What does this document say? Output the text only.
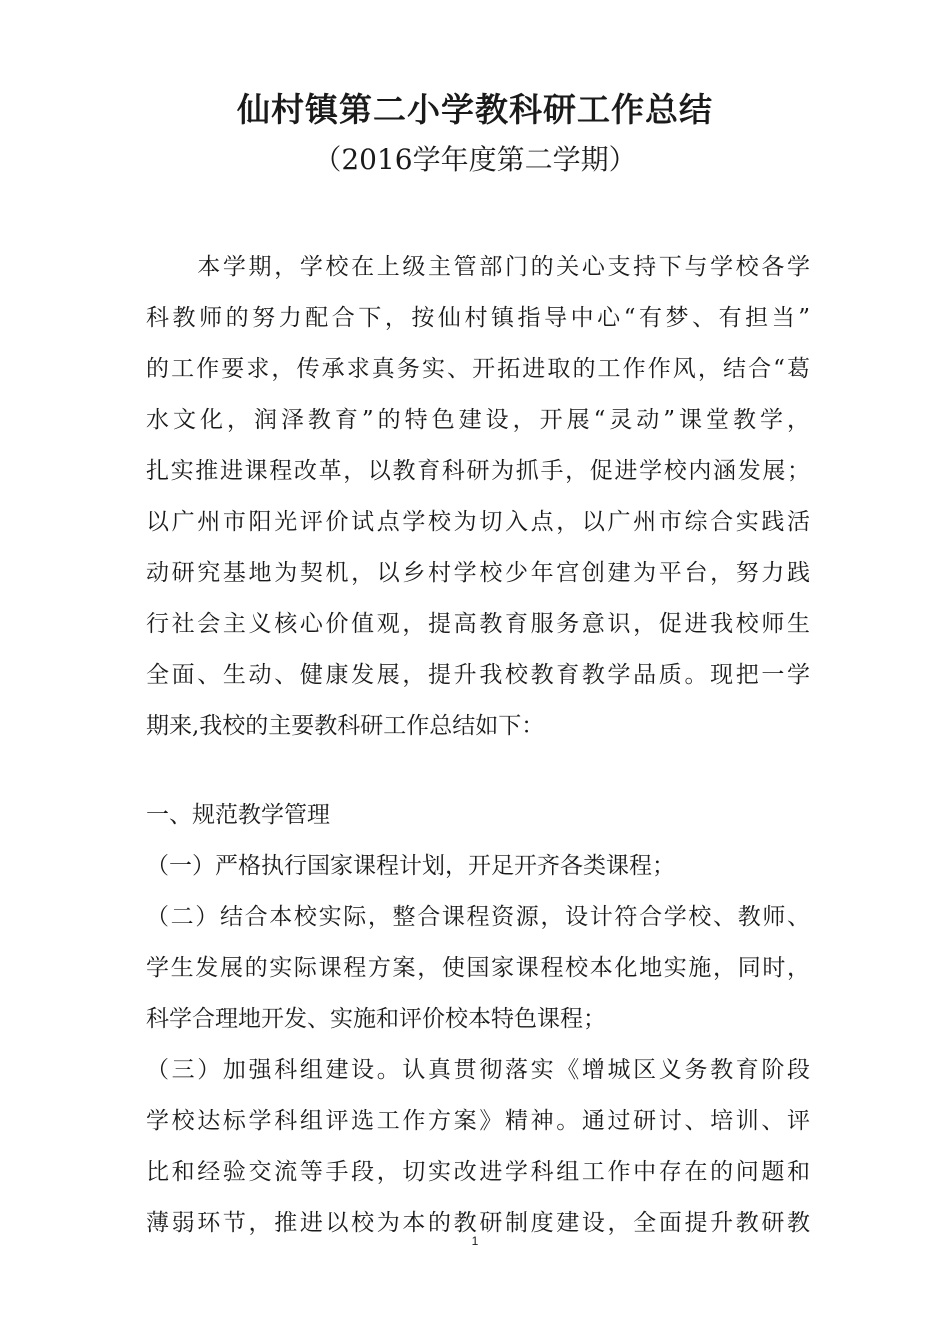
仙村镇第二小学教科研工作总结
（2016学年度第二学期）
　　本学期，学校在上级主管部门的关心支持下与学校各学
科教师的努力配合下，按仙村镇指导中心“有梦、有担当”
的工作要求，传承求真务实、开拓进取的工作作风，结合“葛
水文化，润泽教育”的特色建设，开展“灵动”课堂教学，
扎实推进课程改革，以教育科研为抓手，促进学校内涵发展；
以广州市阳光评价试点学校为切入点，以广州市综合实践活
动研究基地为契机，以乡村学校少年宫创建为平台，努力践
行社会主义核心价值观，提高教育服务意识，促进我校师生
全面、生动、健康发展，提升我校教育教学品质。现把一学
期来,我校的主要教科研工作总结如下：
一、规范教学管理
（一）严格执行国家课程计划，开足开齐各类课程；
（二）结合本校实际，整合课程资源，设计符合学校、教师、
学生发展的实际课程方案，使国家课程校本化地实施，同时，
科学合理地开发、实施和评价校本特色课程；
（三）加强科组建设。认真贯彻落实《增城区义务教育阶段
学校达标学科组评选工作方案》精神。通过研讨、培训、评
比和经验交流等手段，切实改进学科组工作中存在的问题和
薄弱环节，推进以校为本的教研制度建设，全面提升教研教
1
